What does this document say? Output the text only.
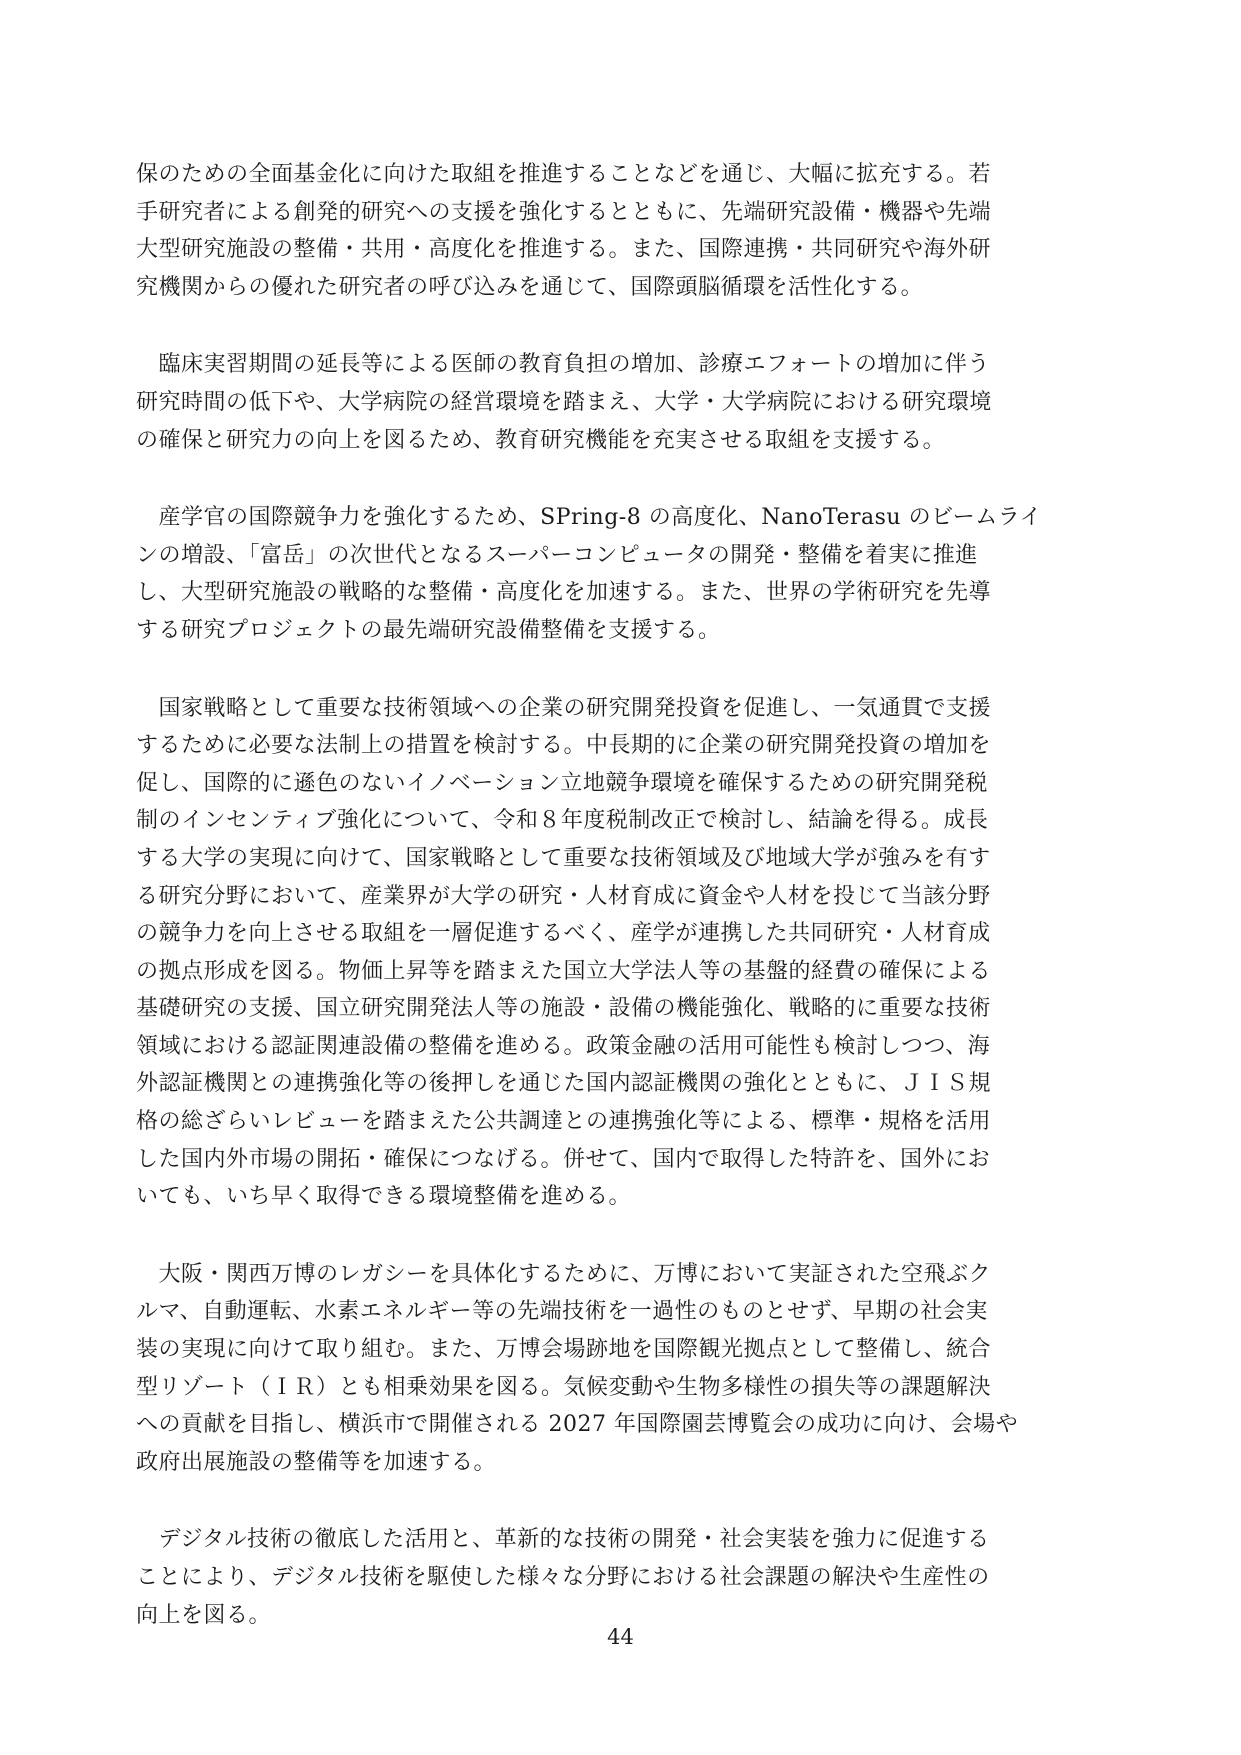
保のための全面基金化に向けた取組を推進することなどを通じ、大幅に拡充する。若
手研究者による創発的研究への支援を強化するとともに、先端研究設備・機器や先端
大型研究施設の整備・共用・高度化を推進する。また、国際連携・共同研究や海外研
究機関からの優れた研究者の呼び込みを通じて、国際頭脳循環を活性化する。

　臨床実習期間の延長等による医師の教育負担の増加、診療エフォートの増加に伴う
研究時間の低下や、大学病院の経営環境を踏まえ、大学・大学病院における研究環境
の確保と研究力の向上を図るため、教育研究機能を充実させる取組を支援する。

　産学官の国際競争力を強化するため、SPring-8 の高度化、NanoTerasu のビームライ
ンの増設、「富岳」の次世代となるスーパーコンピュータの開発・整備を着実に推進
し、大型研究施設の戦略的な整備・高度化を加速する。また、世界の学術研究を先導
する研究プロジェクトの最先端研究設備整備を支援する。

　国家戦略として重要な技術領域への企業の研究開発投資を促進し、一気通貫で支援
するために必要な法制上の措置を検討する。中長期的に企業の研究開発投資の増加を
促し、国際的に遜色のないイノベーション立地競争環境を確保するための研究開発税
制のインセンティブ強化について、令和８年度税制改正で検討し、結論を得る。成長
する大学の実現に向けて、国家戦略として重要な技術領域及び地域大学が強みを有す
る研究分野において、産業界が大学の研究・人材育成に資金や人材を投じて当該分野
の競争力を向上させる取組を一層促進するべく、産学が連携した共同研究・人材育成
の拠点形成を図る。物価上昇等を踏まえた国立大学法人等の基盤的経費の確保による
基礎研究の支援、国立研究開発法人等の施設・設備の機能強化、戦略的に重要な技術
領域における認証関連設備の整備を進める。政策金融の活用可能性も検討しつつ、海
外認証機関との連携強化等の後押しを通じた国内認証機関の強化とともに、ＪＩＳ規
格の総ざらいレビューを踏まえた公共調達との連携強化等による、標準・規格を活用
した国内外市場の開拓・確保につなげる。併せて、国内で取得した特許を、国外にお
いても、いち早く取得できる環境整備を進める。

　大阪・関西万博のレガシーを具体化するために、万博において実証された空飛ぶク
ルマ、自動運転、水素エネルギー等の先端技術を一過性のものとせず、早期の社会実
装の実現に向けて取り組む。また、万博会場跡地を国際観光拠点として整備し、統合
型リゾート（ＩＲ）とも相乗効果を図る。気候変動や生物多様性の損失等の課題解決
への貢献を目指し、横浜市で開催される 2027 年国際園芸博覧会の成功に向け、会場や
政府出展施設の整備等を加速する。

　デジタル技術の徹底した活用と、革新的な技術の開発・社会実装を強力に促進する
ことにより、デジタル技術を駆使した様々な分野における社会課題の解決や生産性の
向上を図る。

44
